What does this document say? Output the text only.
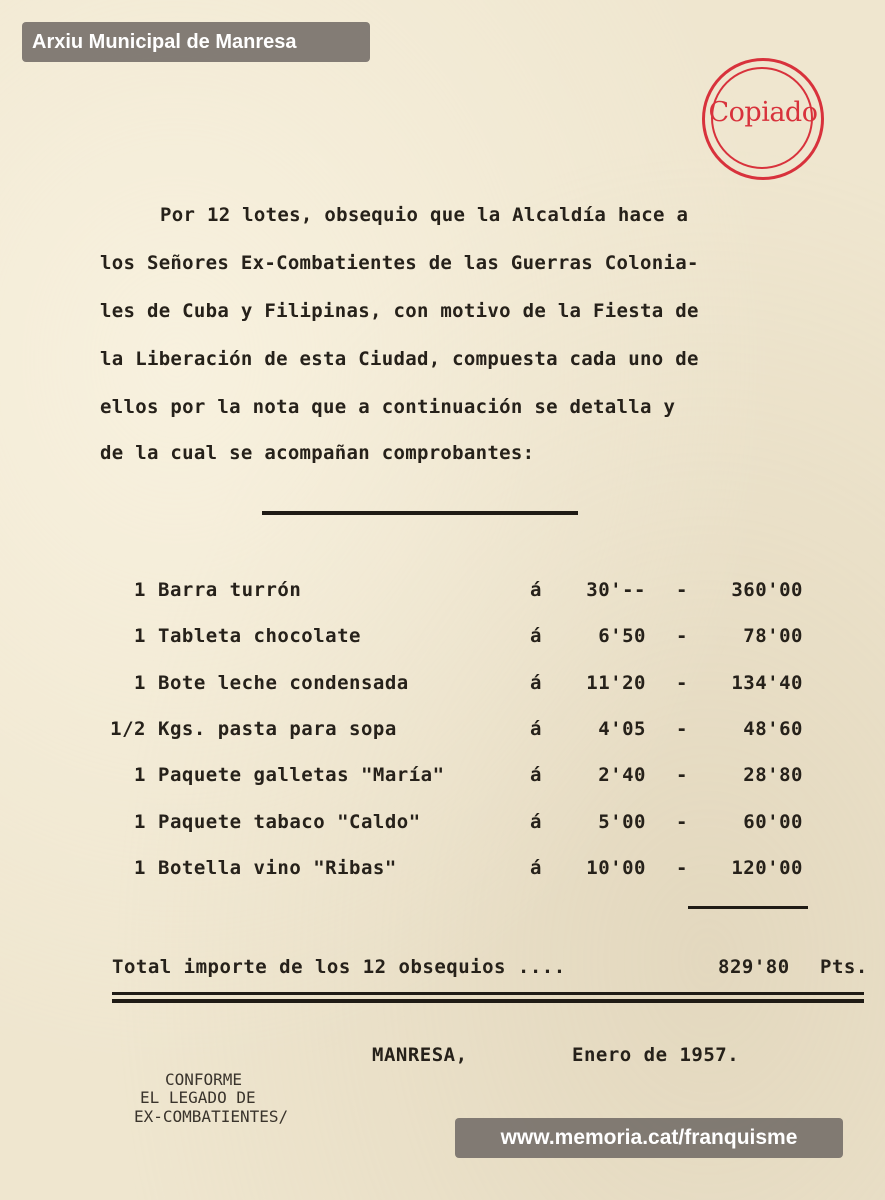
Arxiu Municipal de Manresa
Copiado
Por 12 lotes, obsequio que la Alcaldía hace a
los Señores Ex-Combatientes de las Guerras Colonia-
les de Cuba y Filipinas, con motivo de la Fiesta de
la Liberación de esta Ciudad, compuesta cada uno de
ellos por la nota que a continuación se detalla y
de la cual se acompañan comprobantes:
1 Barra turrón	á 30'-- - 360'00
1 Tableta chocolate	á	6'50 -	78'00
1 Bote leche condensada	á 11'20 - 134'40
1/2 Kgs. pasta para sopa	á	4'05 -	48'60
1 Paquete galletas "María"	á	2'40 -	28'80
1 Paquete tabaco "Caldo"	á	5'00 -	60'00
1 Botella vino "Ribas"	á 10'00 - 120'00
Total importe de los 12 obsequios ....	829'80 Pts.
MANRESA,	Enero de 1957.
CONFORME
EL LEGADO DE
EX-COMBATIENTES/
www.memoria.cat/franquisme
